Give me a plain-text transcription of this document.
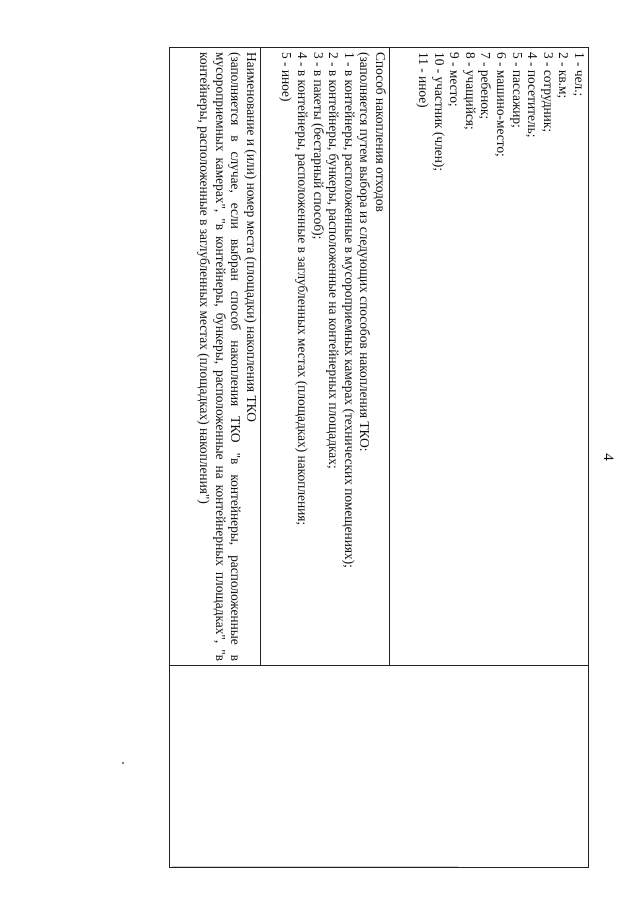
4
1 - чел.;
2 - кв.м;
3 - сотрудник;
4 - посетитель;
5 - пассажир;
6 - машино-место;
7 - ребенок;
8 - учащийся;
9 - место;
10 - участник (член);
11 - иное)

Способ накопления отходов
(заполняется путем выбора из следующих способов накопления ТКО:
1 - в контейнеры, расположенные в мусороприемных камерах (технических помещениях);
2 - в контейнеры, бункеры, расположенные на контейнерных площадках;
3 - в пакеты (бестарный способ);
4 - в контейнеры, расположенные в заглубленных местах (площадках) накопления;
5 - иное)

Наименование и (или) номер места (площадки) накопления ТКО
(заполняется в случае, если выбран способ накопления ТКО "в контейнеры, расположенные в мусороприемных камерах", "в контейнеры, бункеры, расположенные на контейнерных площадках", "в контейнеры, расположенные в заглубленных местах (площадках) накопления")
